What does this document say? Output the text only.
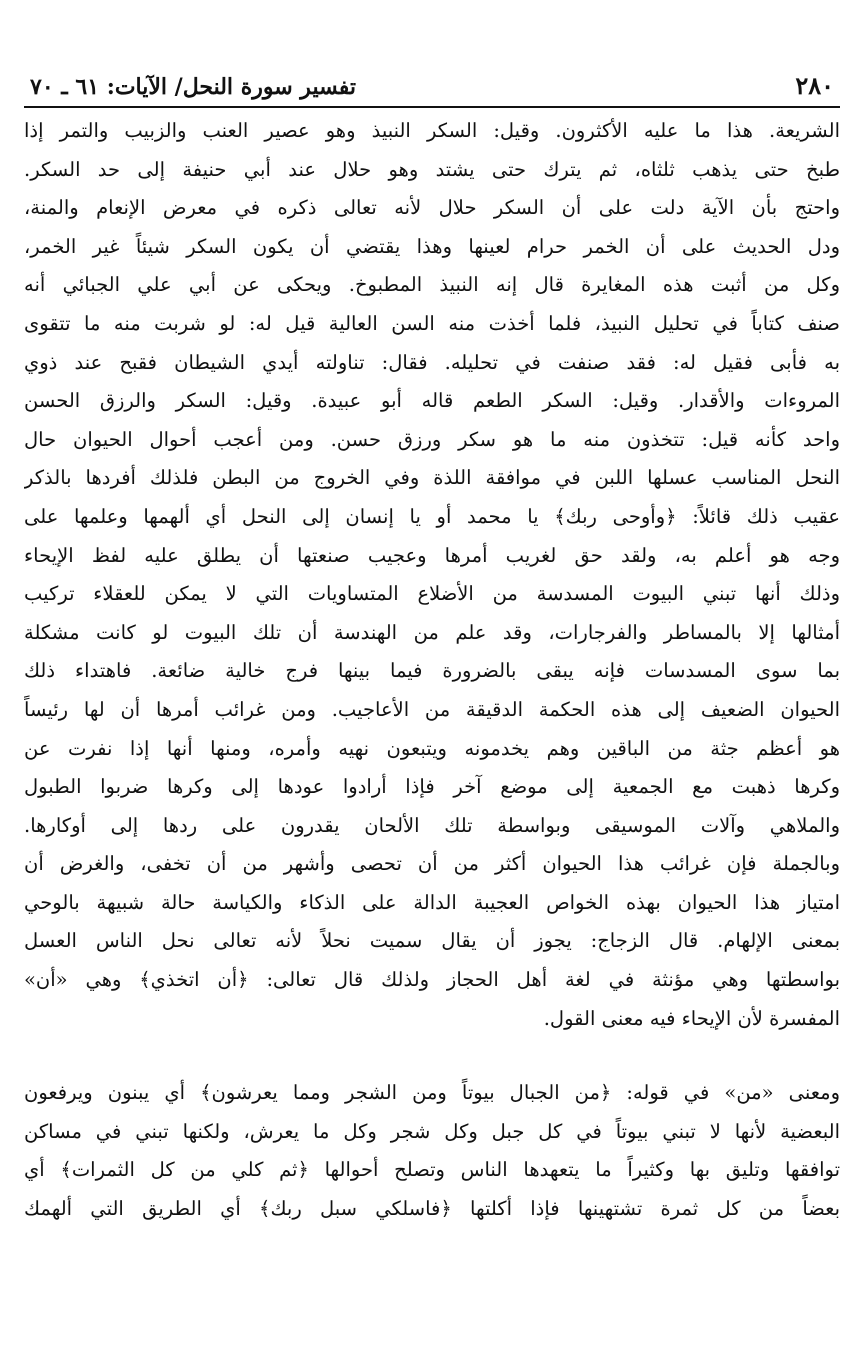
٢٨٠
تفسير سورة النحل/ الآيات: ٦١ ـ ٧٠
الشريعة. هذا ما عليه الأكثرون. وقيل: السكر النبيذ وهو عصير العنب والزبيب والتمر إذا
طبخ حتى يذهب ثلثاه، ثم يترك حتى يشتد وهو حلال عند أبي حنيفة إلى حد السكر.
واحتج بأن الآية دلت على أن السكر حلال لأنه تعالى ذكره في معرض الإنعام والمنة،
ودل الحديث على أن الخمر حرام لعينها وهذا يقتضي أن يكون السكر شيئاً غير الخمر،
وكل من أثبت هذه المغايرة قال إنه النبيذ المطبوخ. ويحكى عن أبي علي الجبائي أنه
صنف كتاباً في تحليل النبيذ، فلما أخذت منه السن العالية قيل له: لو شربت منه ما تتقوى
به فأبى فقيل له: فقد صنفت في تحليله. فقال: تناولته أيدي الشيطان فقبح عند ذوي
المروءات والأقدار. وقيل: السكر الطعم قاله أبو عبيدة. وقيل: السكر والرزق الحسن
واحد كأنه قيل: تتخذون منه ما هو سكر ورزق حسن. ومن أعجب أحوال الحيوان حال
النحل المناسب عسلها اللبن في موافقة اللذة وفي الخروج من البطن فلذلك أفردها بالذكر
عقيب ذلك قائلاً: ﴿وأوحى ربك﴾ يا محمد أو يا إنسان إلى النحل أي ألهمها وعلمها على
وجه هو أعلم به، ولقد حق لغريب أمرها وعجيب صنعتها أن يطلق عليه لفظ الإيحاء
وذلك أنها تبني البيوت المسدسة من الأضلاع المتساويات التي لا يمكن للعقلاء تركيب
أمثالها إلا بالمساطر والفرجارات، وقد علم من الهندسة أن تلك البيوت لو كانت مشكلة
بما سوى المسدسات فإنه يبقى بالضرورة فيما بينها فرج خالية ضائعة. فاهتداء ذلك
الحيوان الضعيف إلى هذه الحكمة الدقيقة من الأعاجيب. ومن غرائب أمرها أن لها رئيساً
هو أعظم جثة من الباقين وهم يخدمونه ويتبعون نهيه وأمره، ومنها أنها إذا نفرت عن
وكرها ذهبت مع الجمعية إلى موضع آخر فإذا أرادوا عودها إلى وكرها ضربوا الطبول
والملاهي وآلات الموسيقى وبواسطة تلك الألحان يقدرون على ردها إلى أوكارها.
وبالجملة فإن غرائب هذا الحيوان أكثر من أن تحصى وأشهر من أن تخفى، والغرض أن
امتياز هذا الحيوان بهذه الخواص العجيبة الدالة على الذكاء والكياسة حالة شبيهة بالوحي
بمعنى الإلهام. قال الزجاج: يجوز أن يقال سميت نحلاً لأنه تعالى نحل الناس العسل
بواسطتها وهي مؤنثة في لغة أهل الحجاز ولذلك قال تعالى: ﴿أن اتخذي﴾ وهي «أن»
المفسرة لأن الإيحاء فيه معنى القول.
ومعنى «من» في قوله: ﴿من الجبال بيوتاً ومن الشجر ومما يعرشون﴾ أي يبنون ويرفعون
البعضية لأنها لا تبني بيوتاً في كل جبل وكل شجر وكل ما يعرش، ولكنها تبني في مساكن
توافقها وتليق بها وكثيراً ما يتعهدها الناس وتصلح أحوالها ﴿ثم كلي من كل الثمرات﴾ أي
بعضاً من كل ثمرة تشتهينها فإذا أكلتها ﴿فاسلكي سبل ربك﴾ أي الطريق التي ألهمك
